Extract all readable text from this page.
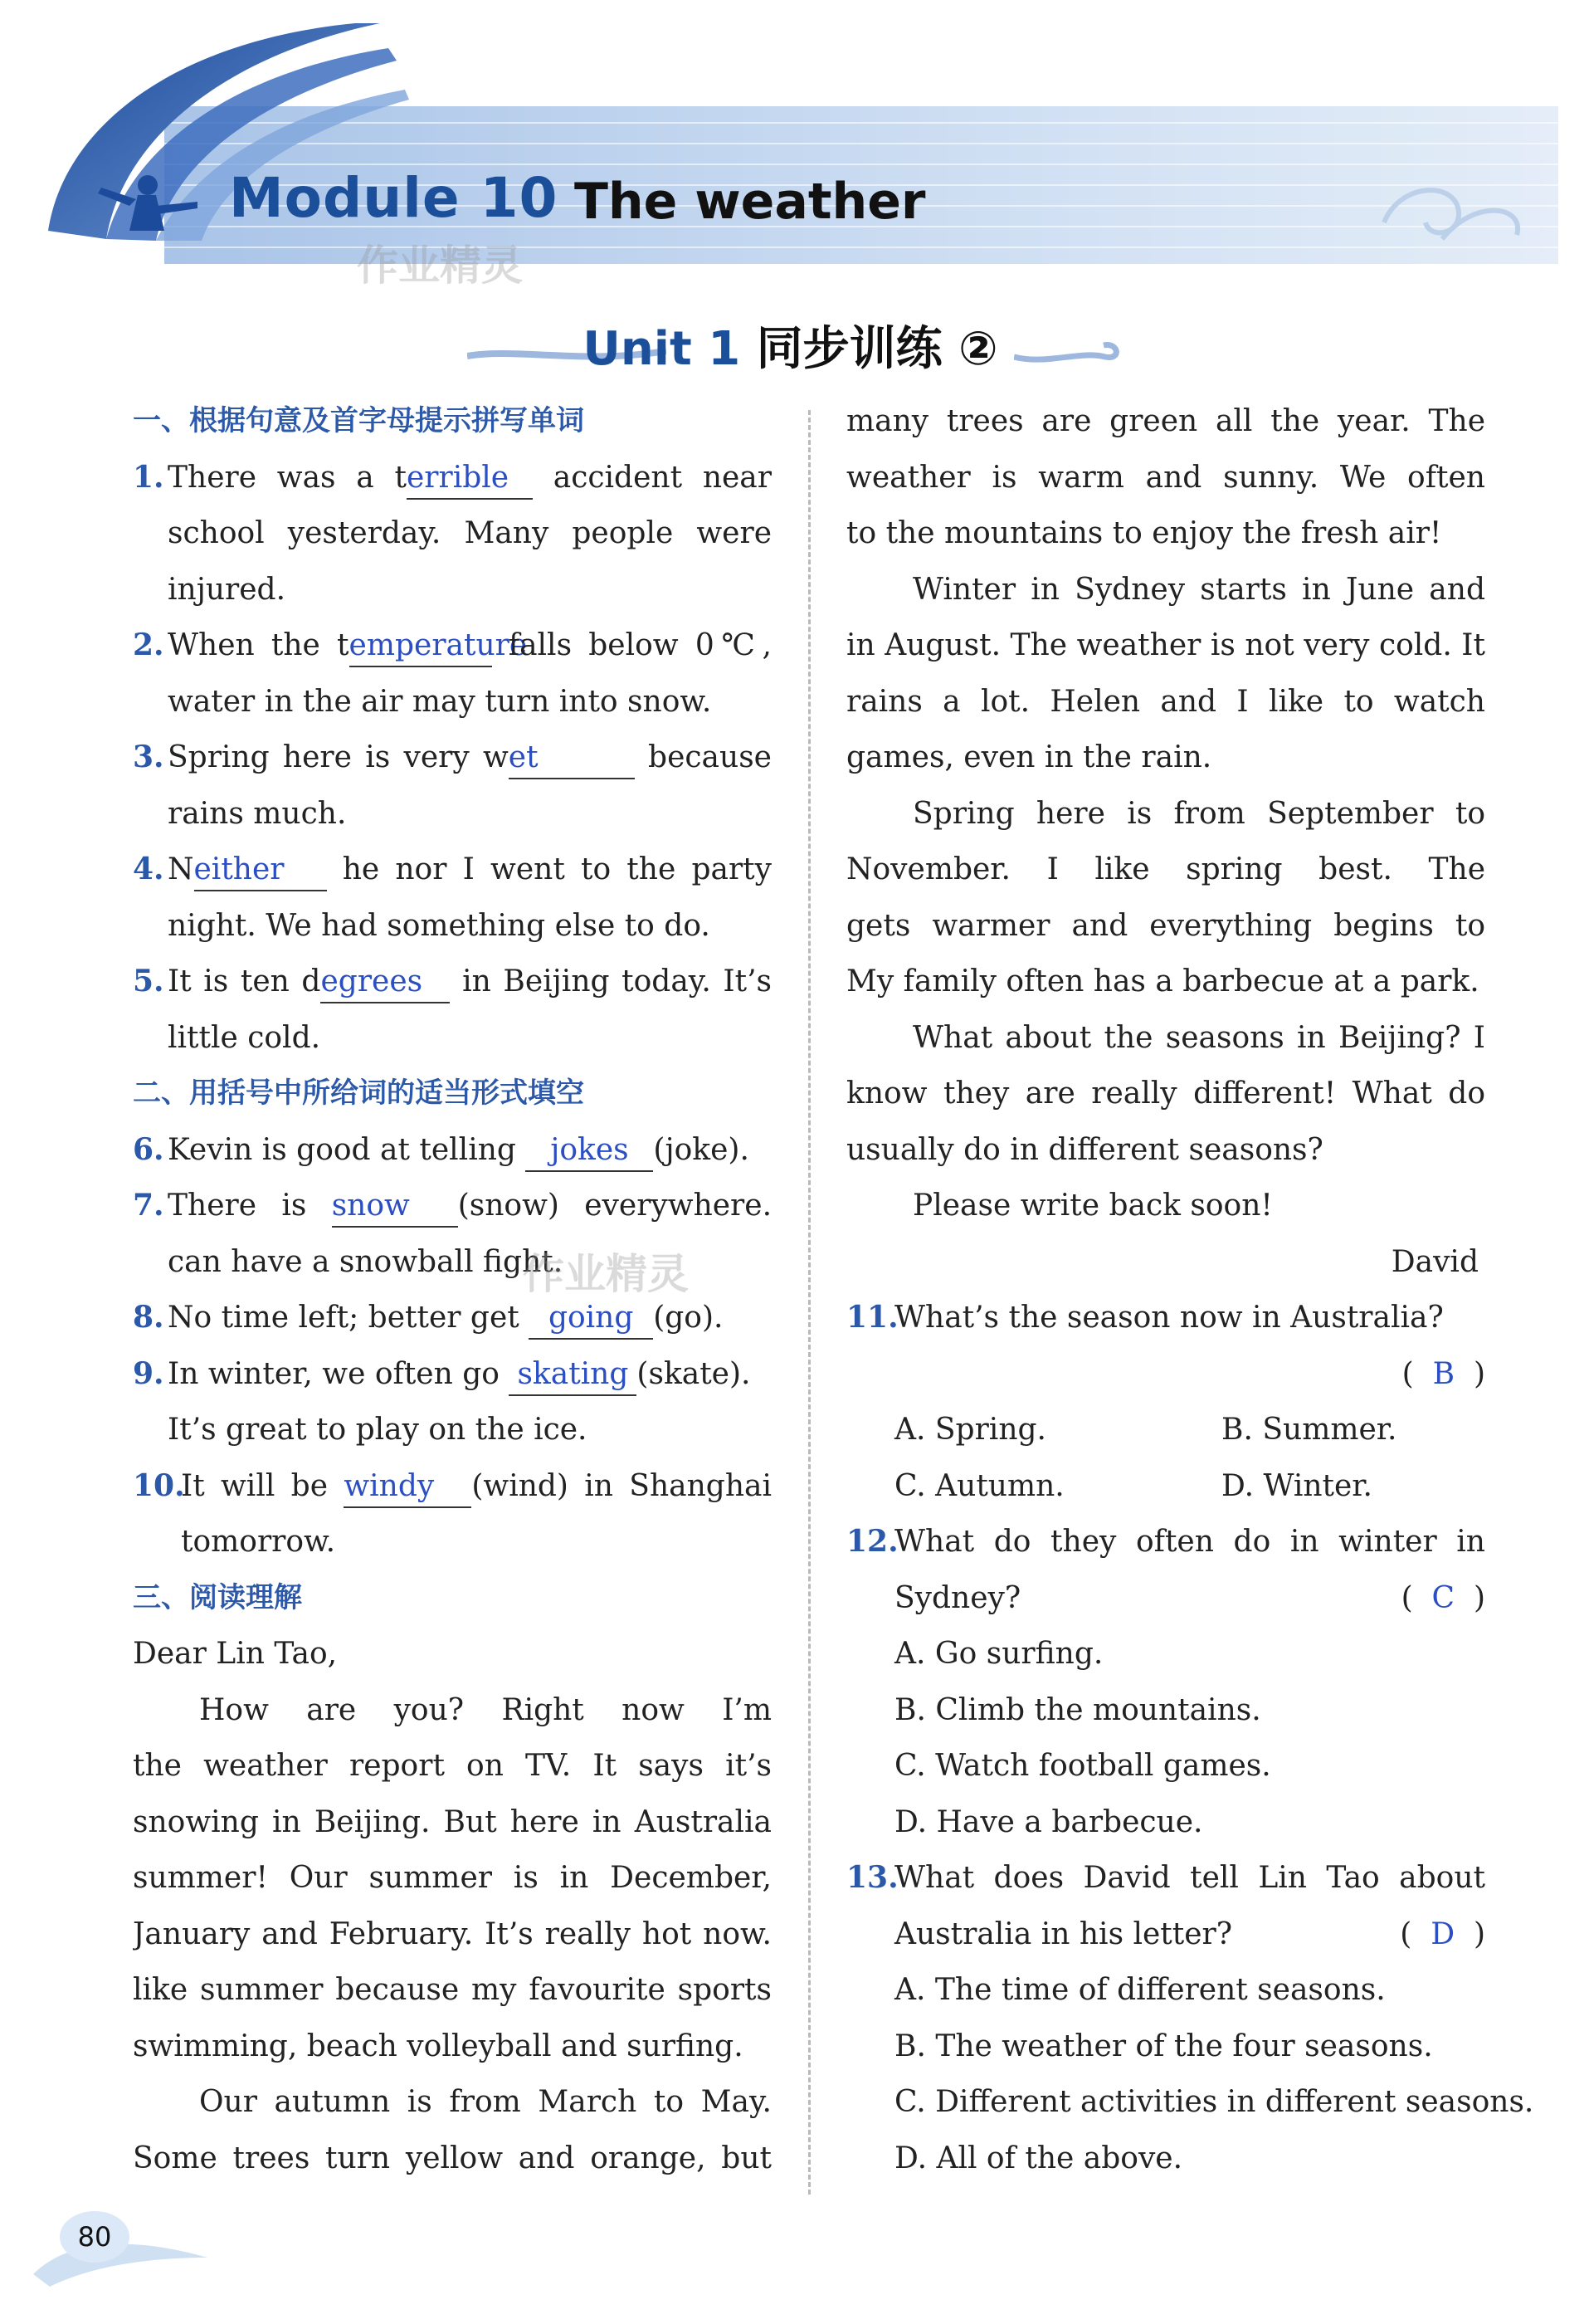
Module 10 The weather
作业精灵
Unit 1 同步训练 ②
一、根据句意及首字母提示拼写单词
1. There was a terrible accident near
school yesterday. Many people were
injured.
2. When the temperature falls below 0℃,
water in the air may turn into snow.
3. Spring here is very wet	because
rains much.
4. Neither he nor I went to the party
night. We had something else to do.
5. It is ten degrees in Beijing today. It’s
little cold.
二、用括号中所给词的适当形式填空
6. Kevin is good at telling jokes (joke).
7. There is snow (snow) everywhere.
can have a snowball fight.
8. No time left; better get going (go).
9. In winter, we often go skating (skate).
It’s great to play on the ice.
10.
It will be windy (wind) in Shanghai
tomorrow.
三、阅读理解
Dear Lin Tao,
How are you? Right now I’m
the weather report on TV. It says it’s
snowing in Beijing. But here in Australia
summer! Our summer is in December,
January and February. It’s really hot now.
like summer because my favourite sports
swimming, beach volleyball and surfing.
Our autumn is from March to May.
Some trees turn yellow and orange, but
many trees are green all the year. The
weather is warm and sunny. We often
to the mountains to enjoy the fresh air!
Winter in Sydney starts in June and
in August. The weather is not very cold. It
rains a lot. Helen and I like to watch
games, even in the rain.
Spring here is from September to
November. I like spring best. The
gets warmer and everything begins to
My family often has a barbecue at a park.
What about the seasons in Beijing? I
know they are really different! What do
usually do in different seasons?
Please write back soon!
David
11.
What’s the season now in Australia?
(  B  )
A. Spring.	B. Summer.
C. Autumn.	D. Winter.
12.
What do they often do in winter in
Sydney?	(  C  )
A. Go surfing.
B. Climb the mountains.
C. Watch football games.
D. Have a barbecue.
13.
What does David tell Lin Tao about
Australia in his letter?	(  D  )
A. The time of different seasons.
B. The weather of the four seasons.
C. Different activities in different seasons.
D. All of the above.
作业精灵
80
